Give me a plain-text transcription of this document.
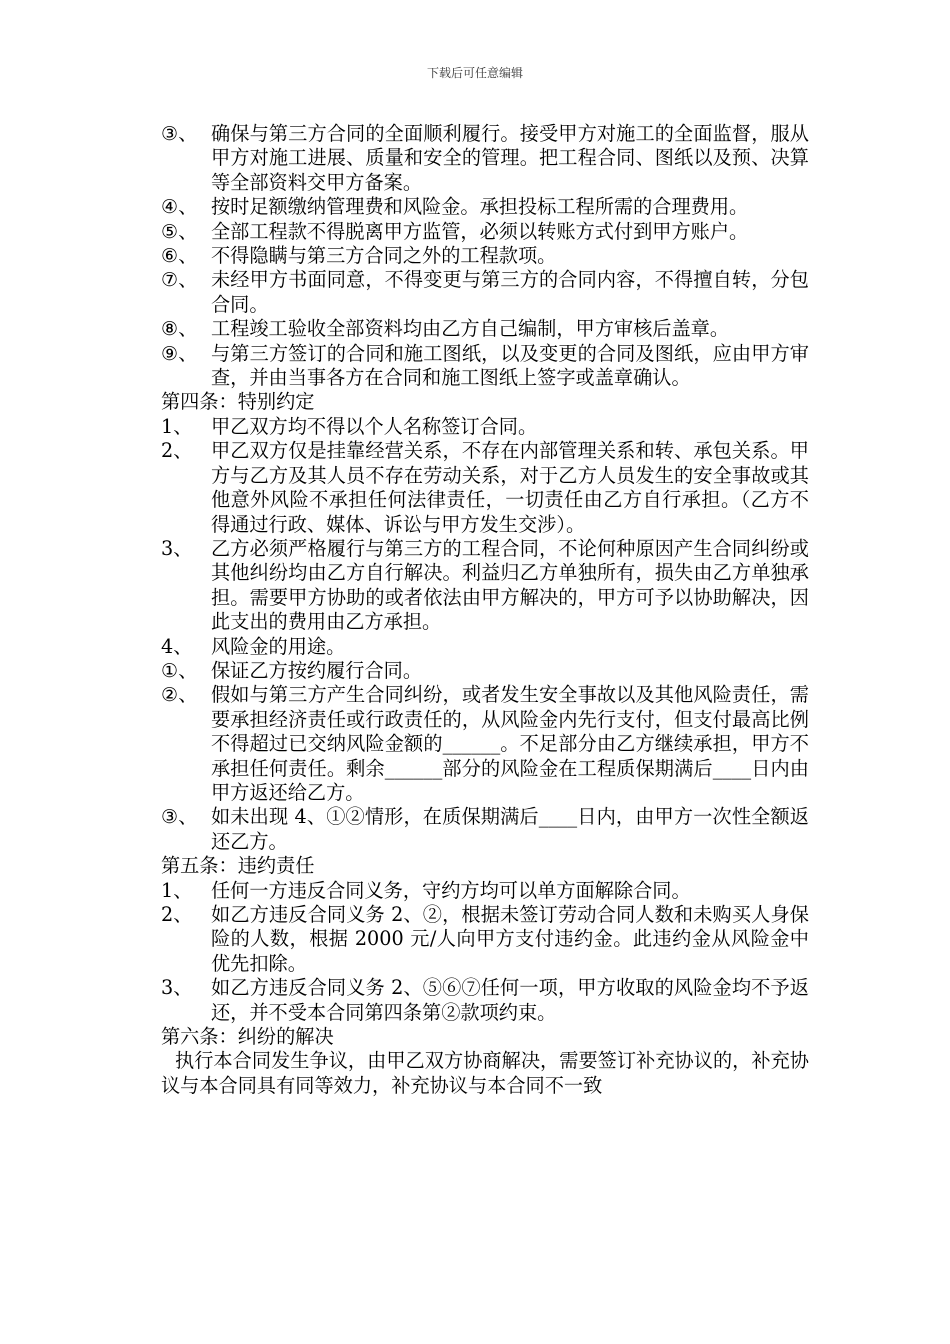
下载后可任意编辑
③、 确保与第三方合同的全面顺利履行。接受甲方对施工的全面监督，服从甲方对施工进展、质量和安全的管理。把工程合同、图纸以及预、决算等全部资料交甲方备案。
④、 按时足额缴纳管理费和风险金。承担投标工程所需的合理费用。
⑤、 全部工程款不得脱离甲方监管，必须以转账方式付到甲方账户。
⑥、 不得隐瞒与第三方合同之外的工程款项。
⑦、 未经甲方书面同意，不得变更与第三方的合同内容，不得擅自转，分包合同。
⑧、 工程竣工验收全部资料均由乙方自己编制，甲方审核后盖章。
⑨、 与第三方签订的合同和施工图纸，以及变更的合同及图纸，应由甲方审查，并由当事各方在合同和施工图纸上签字或盖章确认。

第四条：特别约定

1、 甲乙双方均不得以个人名称签订合同。
2、 甲乙双方仅是挂靠经营关系，不存在内部管理关系和转、承包关系。甲方与乙方及其人员不存在劳动关系，对于乙方人员发生的安全事故或其他意外风险不承担任何法律责任，一切责任由乙方自行承担。（乙方不得通过行政、媒体、诉讼与甲方发生交涉）。
3、 乙方必须严格履行与第三方的工程合同，不论何种原因产生合同纠纷或其他纠纷均由乙方自行解决。利益归乙方单独所有，损失由乙方单独承担。需要甲方协助的或者依法由甲方解决的，甲方可予以协助解决，因此支出的费用由乙方承担。
4、 风险金的用途。
①、 保证乙方按约履行合同。
②、 假如与第三方产生合同纠纷，或者发生安全事故以及其他风险责任，需要承担经济责任或行政责任的，从风险金内先行支付，但支付最高比例不得超过已交纳风险金额的______。不足部分由乙方继续承担，甲方不承担任何责任。剩余______部分的风险金在工程质保期满后____日内由甲方返还给乙方。
③、 如未出现 4、①②情形，在质保期满后____日内，由甲方一次性全额返还乙方。

第五条：违约责任

1、 任何一方违反合同义务，守约方均可以单方面解除合同。
2、 如乙方违反合同义务 2、②，根据未签订劳动合同人数和未购买人身保险的人数，根据 2000 元/人向甲方支付违约金。此违约金从风险金中优先扣除。
3、 如乙方违反合同义务 2、⑤⑥⑦任何一项，甲方收取的风险金均不予返还，并不受本合同第四条第②款项约束。

第六条：纠纷的解决

执行本合同发生争议，由甲乙双方协商解决，需要签订补充协议的，补充协议与本合同具有同等效力，补充协议与本合同不一致
